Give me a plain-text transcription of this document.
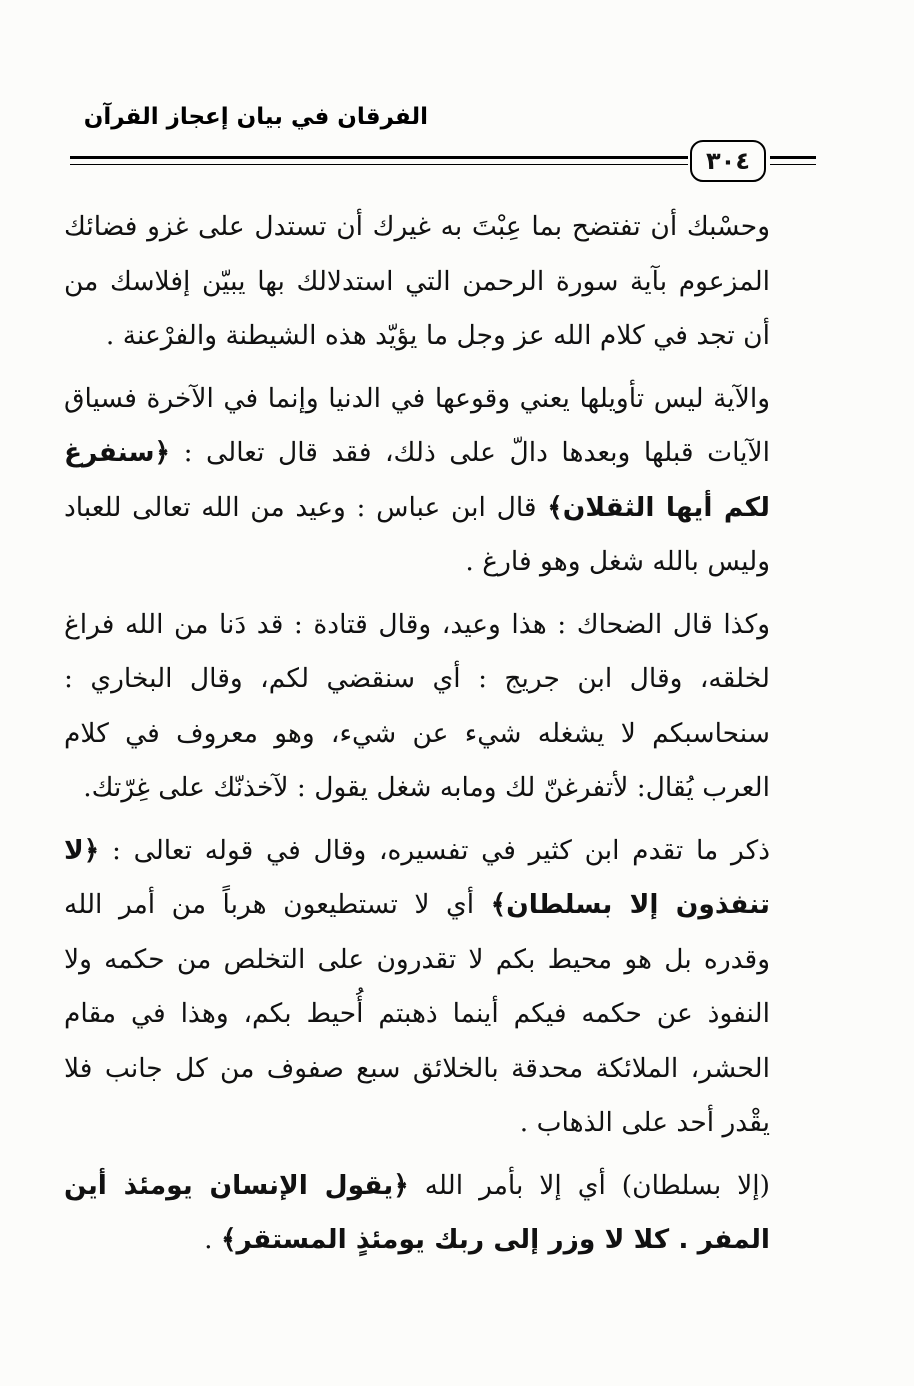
الفرقان في بيان إعجاز القرآن
٣٠٤

وحسْبك أن تفتضح بما عِبْتَ به غيرك أن تستدل على غزو فضائك المزعوم بآية سورة الرحمن التي استدلالك بها يبيّن إفلاسك من أن تجد في كلام الله عز وجل ما يؤيّد هذه الشيطنة والفرْعنة .

والآية ليس تأويلها يعني وقوعها في الدنيا وإنما في الآخرة فسياق الآيات قبلها وبعدها دالّ على ذلك، فقد قال تعالى : ﴿سنفرغ لكم أيها الثقلان﴾ قال ابن عباس : وعيد من الله تعالى للعباد وليس بالله شغل وهو فارغ .

وكذا قال الضحاك : هذا وعيد، وقال قتادة : قد دَنا من الله فراغ لخلقه، وقال ابن جريج : أي سنقضي لكم، وقال البخاري : سنحاسبكم لا يشغله شيء عن شيء، وهو معروف في كلام العرب يُقال: لأتفرغنّ لك ومابه شغل يقول : لآخذنّك على غِرّتك.

ذكر ما تقدم ابن كثير في تفسيره، وقال في قوله تعالى : ﴿لا تنفذون إلا بسلطان﴾ أي لا تستطيعون هرباً من أمر الله وقدره بل هو محيط بكم لا تقدرون على التخلص من حكمه ولا النفوذ عن حكمه فيكم أينما ذهبتم أُحيط بكم، وهذا في مقام الحشر، الملائكة محدقة بالخلائق سبع صفوف من كل جانب فلا يقْدر أحد على الذهاب .

(إلا بسلطان) أي إلا بأمر الله ﴿يقول الإنسان يومئذ أين المفر . كلا لا وزر إلى ربك يومئذٍ المستقر﴾ .
